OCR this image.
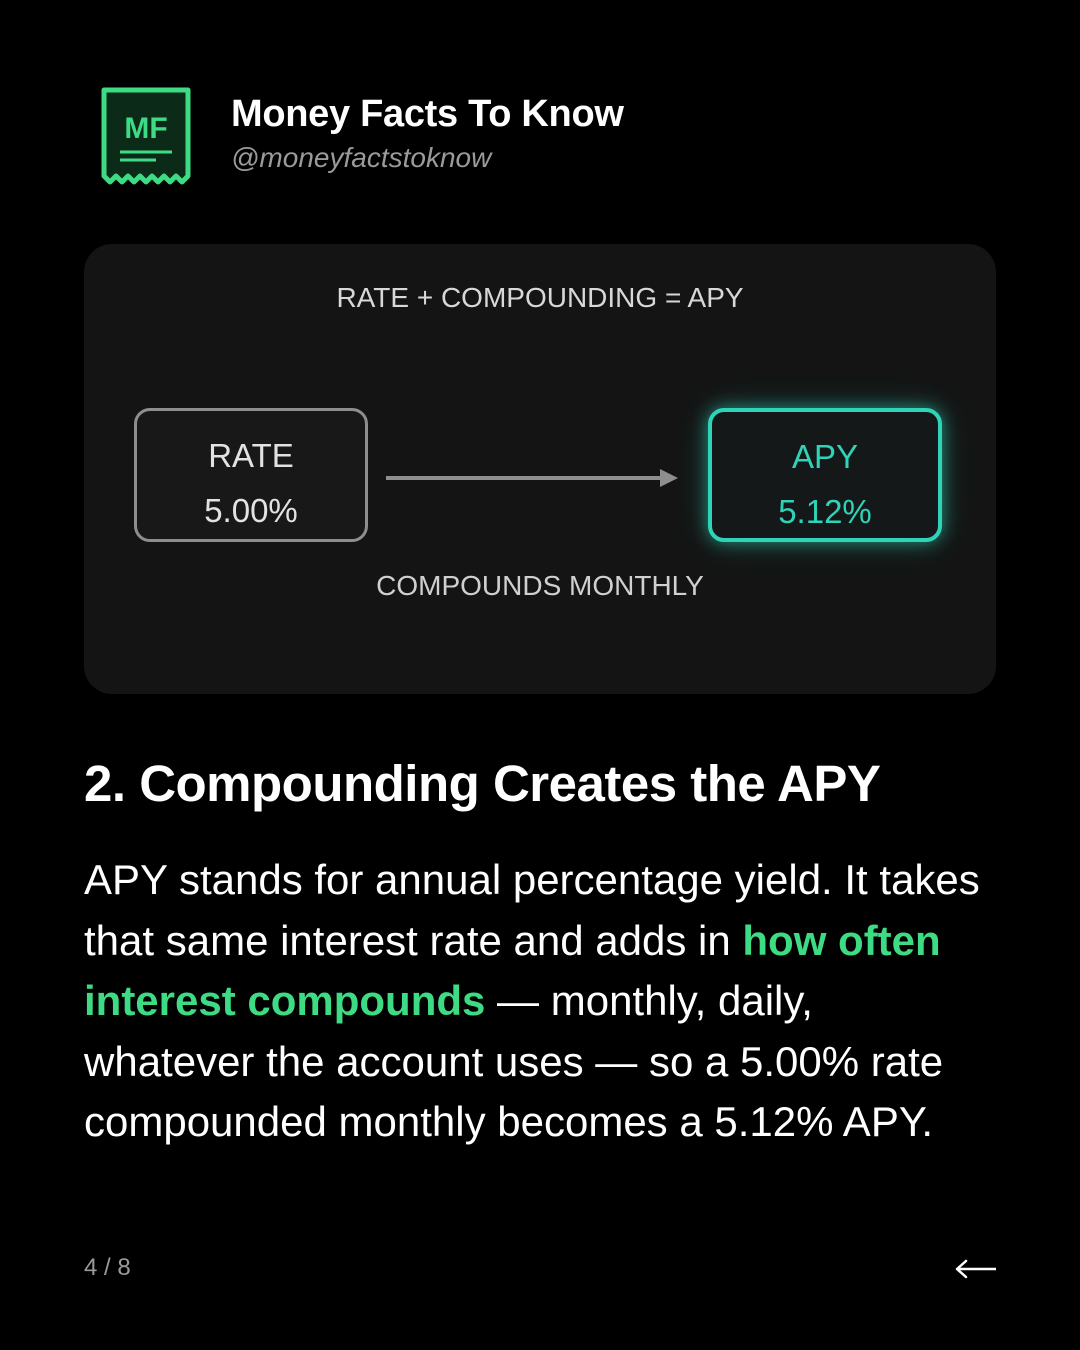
MF Money Facts To Know
@moneyfactstoknow
RATE + COMPOUNDING = APY
RATE
5.00%
APY
5.12%
COMPOUNDS MONTHLY
2. Compounding Creates the APY
APY stands for annual percentage yield. It takes that same interest rate and adds in how often interest compounds — monthly, daily, whatever the account uses — so a 5.00% rate compounded monthly becomes a 5.12% APY.
4 / 8
